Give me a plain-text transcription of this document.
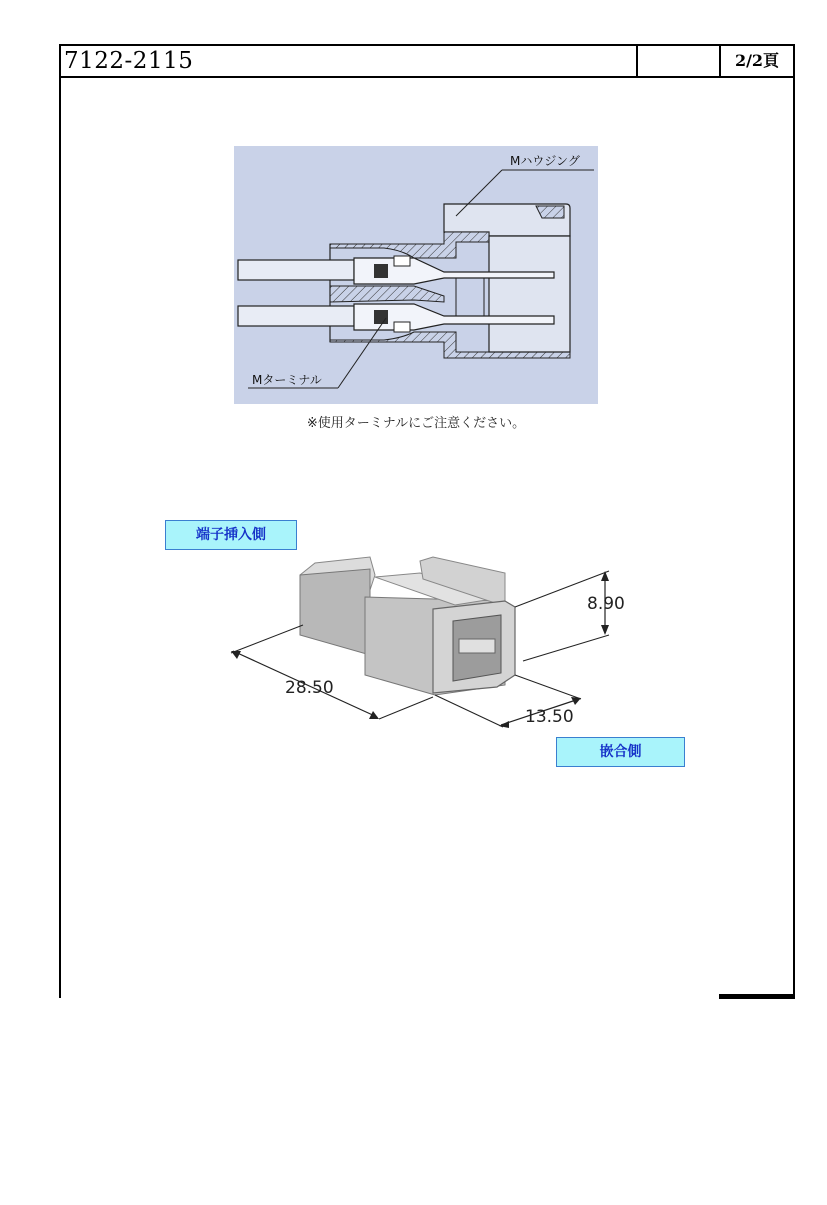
7122-2115	2/2頁
Mハウジング
Mターミナル
※使用ターミナルにご注意ください。
8.90
28.50
13.50
端子挿入側
嵌合側
